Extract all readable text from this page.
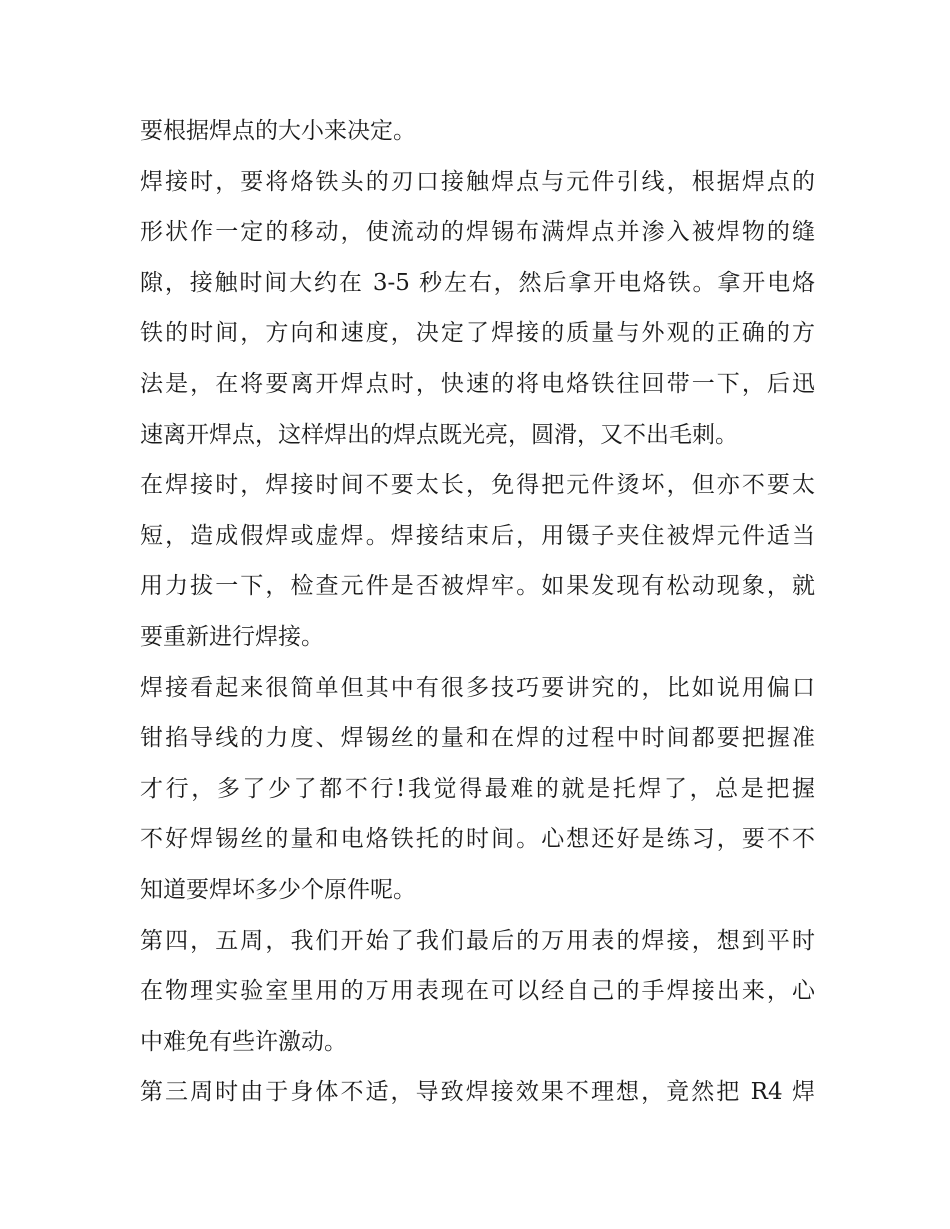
要根据焊点的大小来决定。
焊接时，要将烙铁头的刃口接触焊点与元件引线，根据焊点的
形状作一定的移动，使流动的焊锡布满焊点并渗入被焊物的缝
隙，接触时间大约在 3-5 秒左右，然后拿开电烙铁。拿开电烙
铁的时间，方向和速度，决定了焊接的质量与外观的正确的方
法是，在将要离开焊点时，快速的将电烙铁往回带一下，后迅
速离开焊点，这样焊出的焊点既光亮，圆滑，又不出毛刺。
在焊接时，焊接时间不要太长，免得把元件烫坏，但亦不要太
短，造成假焊或虚焊。焊接结束后，用镊子夹住被焊元件适当
用力拔一下，检查元件是否被焊牢。如果发现有松动现象，就
要重新进行焊接。
焊接看起来很简单但其中有很多技巧要讲究的，比如说用偏口
钳掐导线的力度、焊锡丝的量和在焊的过程中时间都要把握准
才行，多了少了都不行!我觉得最难的就是托焊了，总是把握
不好焊锡丝的量和电烙铁托的时间。心想还好是练习，要不不
知道要焊坏多少个原件呢。
第四，五周，我们开始了我们最后的万用表的焊接，想到平时
在物理实验室里用的万用表现在可以经自己的手焊接出来，心
中难免有些许激动。
第三周时由于身体不适，导致焊接效果不理想，竟然把 R4 焊
